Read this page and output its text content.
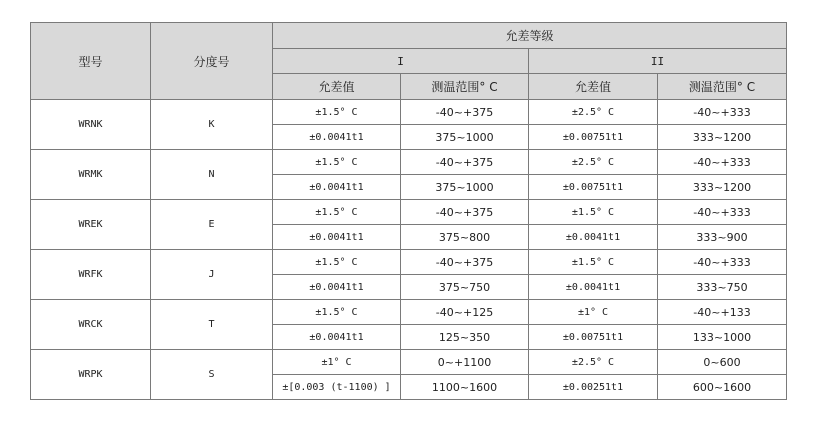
型号	分度号	允差等级			
		I		II	
		允差值	测温范围° C	允差值	测温范围° C
WRNK	K	±1.5° C	-40~+375	±2.5° C	-40~+333
		±0.0041t1	375~1000	±0.00751t1	333~1200
WRMK	N	±1.5° C	-40~+375	±2.5° C	-40~+333
		±0.0041t1	375~1000	±0.00751t1	333~1200
WREK	E	±1.5° C	-40~+375	±1.5° C	-40~+333
		±0.0041t1	375~800	±0.0041t1	333~900
WRFK	J	±1.5° C	-40~+375	±1.5° C	-40~+333
		±0.0041t1	375~750	±0.0041t1	333~750
WRCK	T	±1.5° C	-40~+125	±1° C	-40~+133
		±0.0041t1	125~350	±0.00751t1	133~1000
WRPK	S	±1° C	0~+1100	±2.5° C	0~600
		±[0.003 (t-1100) ]	1100~1600	±0.00251t1	600~1600
